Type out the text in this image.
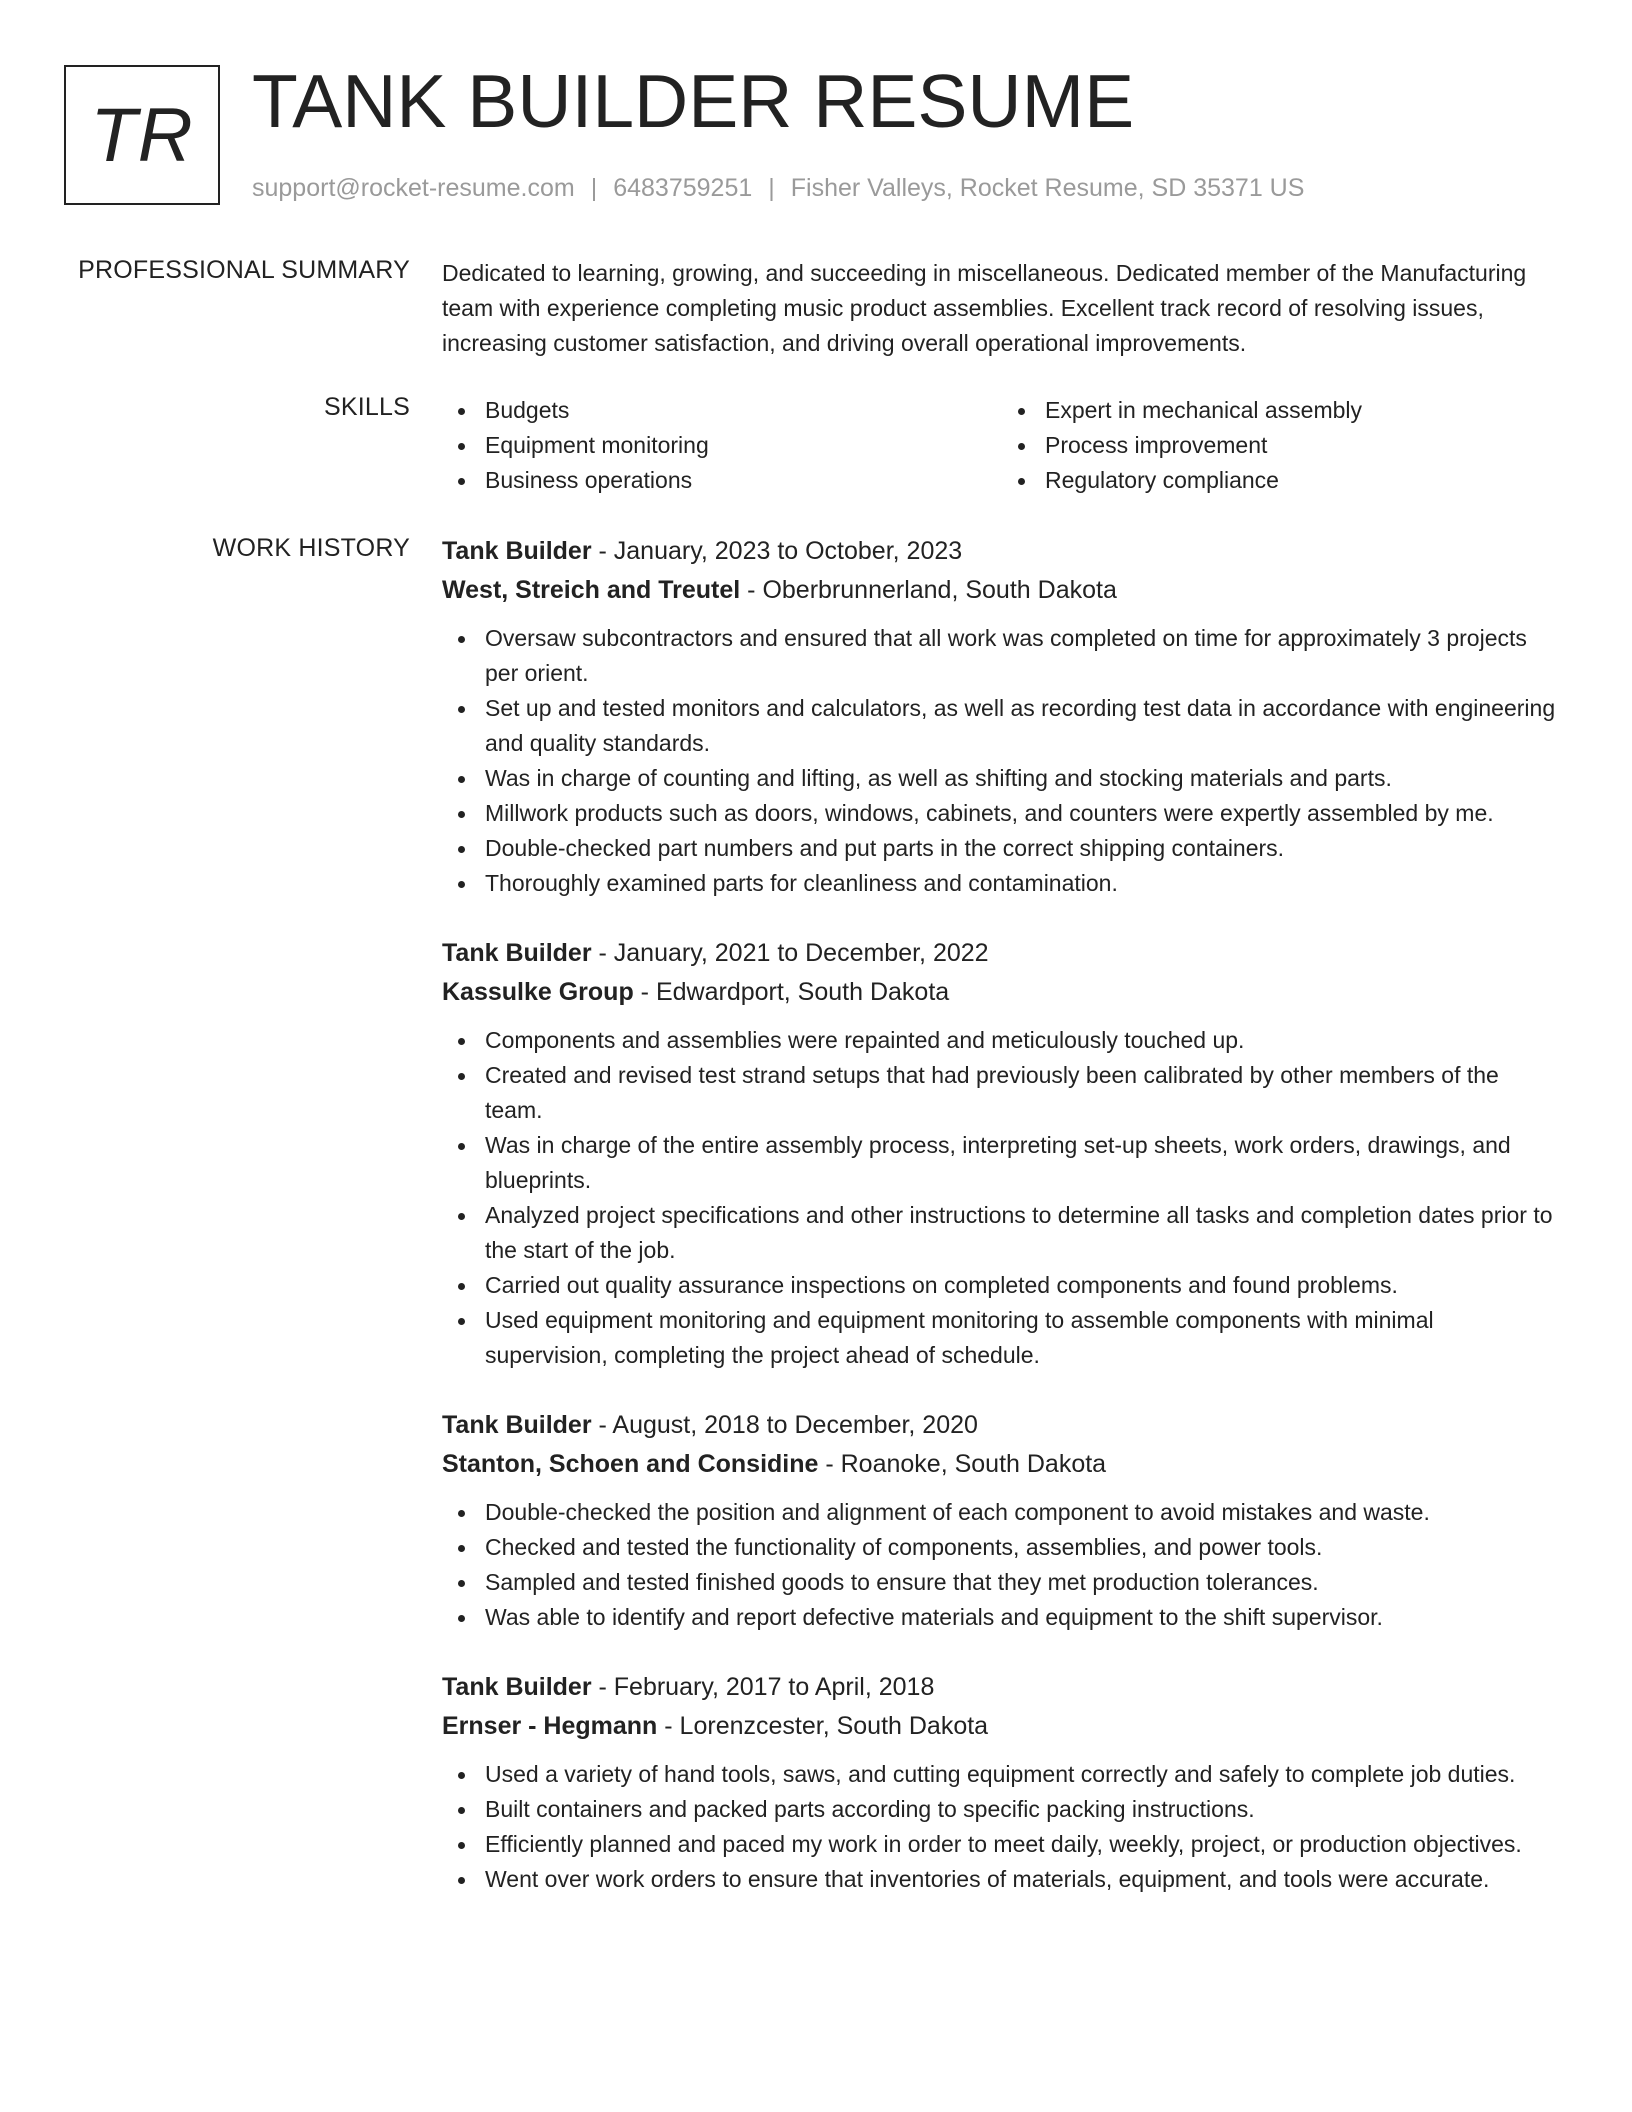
TR TANK BUILDER RESUME
support@rocket-resume.com | 6483759251 | Fisher Valleys, Rocket Resume, SD 35371 US
PROFESSIONAL SUMMARY Dedicated to learning, growing, and succeeding in miscellaneous. Dedicated member of the Manufacturing team with experience completing music product assemblies. Excellent track record of resolving issues, increasing customer satisfaction, and driving overall operational improvements.

SKILLS	Budgets
Equipment monitoring
Business operations
Expert in mechanical assembly
Process improvement
Regulatory compliance
WORK HISTORY Tank Builder - January, 2023 to October, 2023
West, Streich and Treutel - Oberbrunnerland, South Dakota
Oversaw subcontractors and ensured that all work was completed on time for approximately 3 projects per orient.
Set up and tested monitors and calculators, as well as recording test data in accordance with engineering and quality standards.
Was in charge of counting and lifting, as well as shifting and stocking materials and parts.
Millwork products such as doors, windows, cabinets, and counters were expertly assembled by me.
Double-checked part numbers and put parts in the correct shipping containers.
Thoroughly examined parts for cleanliness and contamination.
Tank Builder - January, 2021 to December, 2022
Kassulke Group - Edwardport, South Dakota
Components and assemblies were repainted and meticulously touched up.
Created and revised test strand setups that had previously been calibrated by other members of the team.
Was in charge of the entire assembly process, interpreting set-up sheets, work orders, drawings, and blueprints.
Analyzed project specifications and other instructions to determine all tasks and completion dates prior to the start of the job.
Carried out quality assurance inspections on completed components and found problems.
Used equipment monitoring and equipment monitoring to assemble components with minimal supervision, completing the project ahead of schedule.
Tank Builder - August, 2018 to December, 2020
Stanton, Schoen and Considine - Roanoke, South Dakota
Double-checked the position and alignment of each component to avoid mistakes and waste.
Checked and tested the functionality of components, assemblies, and power tools.
Sampled and tested finished goods to ensure that they met production tolerances.
Was able to identify and report defective materials and equipment to the shift supervisor.
Tank Builder - February, 2017 to April, 2018
Ernser - Hegmann - Lorenzcester, South Dakota
Used a variety of hand tools, saws, and cutting equipment correctly and safely to complete job duties.
Built containers and packed parts according to specific packing instructions.
Efficiently planned and paced my work in order to meet daily, weekly, project, or production objectives.
Went over work orders to ensure that inventories of materials, equipment, and tools were accurate.
